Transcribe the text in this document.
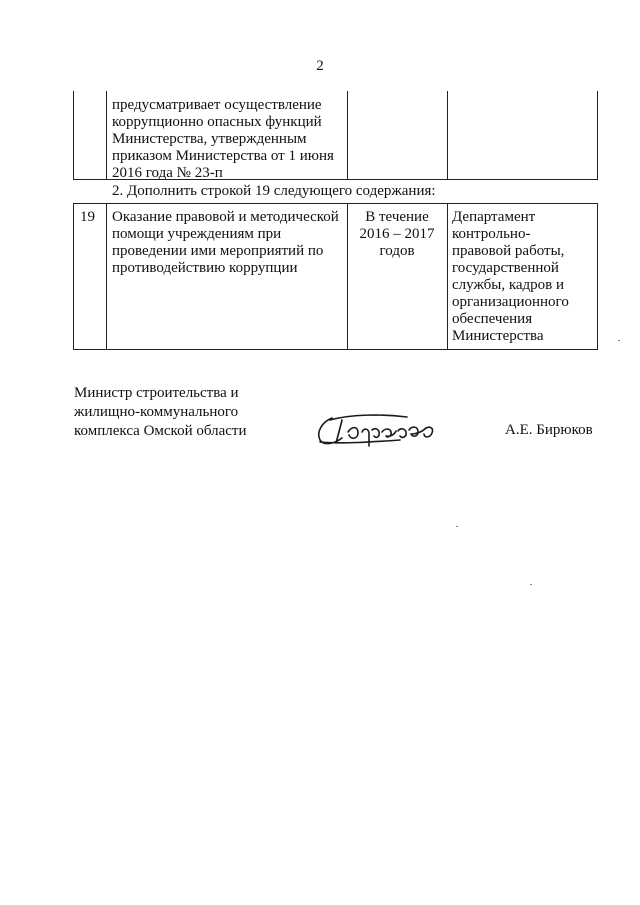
2
предусматривает осуществление
коррупционно опасных функций
Министерства, утвержденным
приказом Министерства от 1 июня
2016 года № 23-п
2. Дополнить строкой 19 следующего содержания:
19 Оказание правовой и методической
помощи учреждениям при
проведении ими мероприятий по
противодействию коррупции
В течение
2016 – 2017
годов
Департамент
контрольно-
правовой работы,
государственной
службы, кадров и
организационного
обеспечения
Министерства
Министр строительства и
жилищно-коммунального
комплекса Омской области	А.Е. Бирюков
